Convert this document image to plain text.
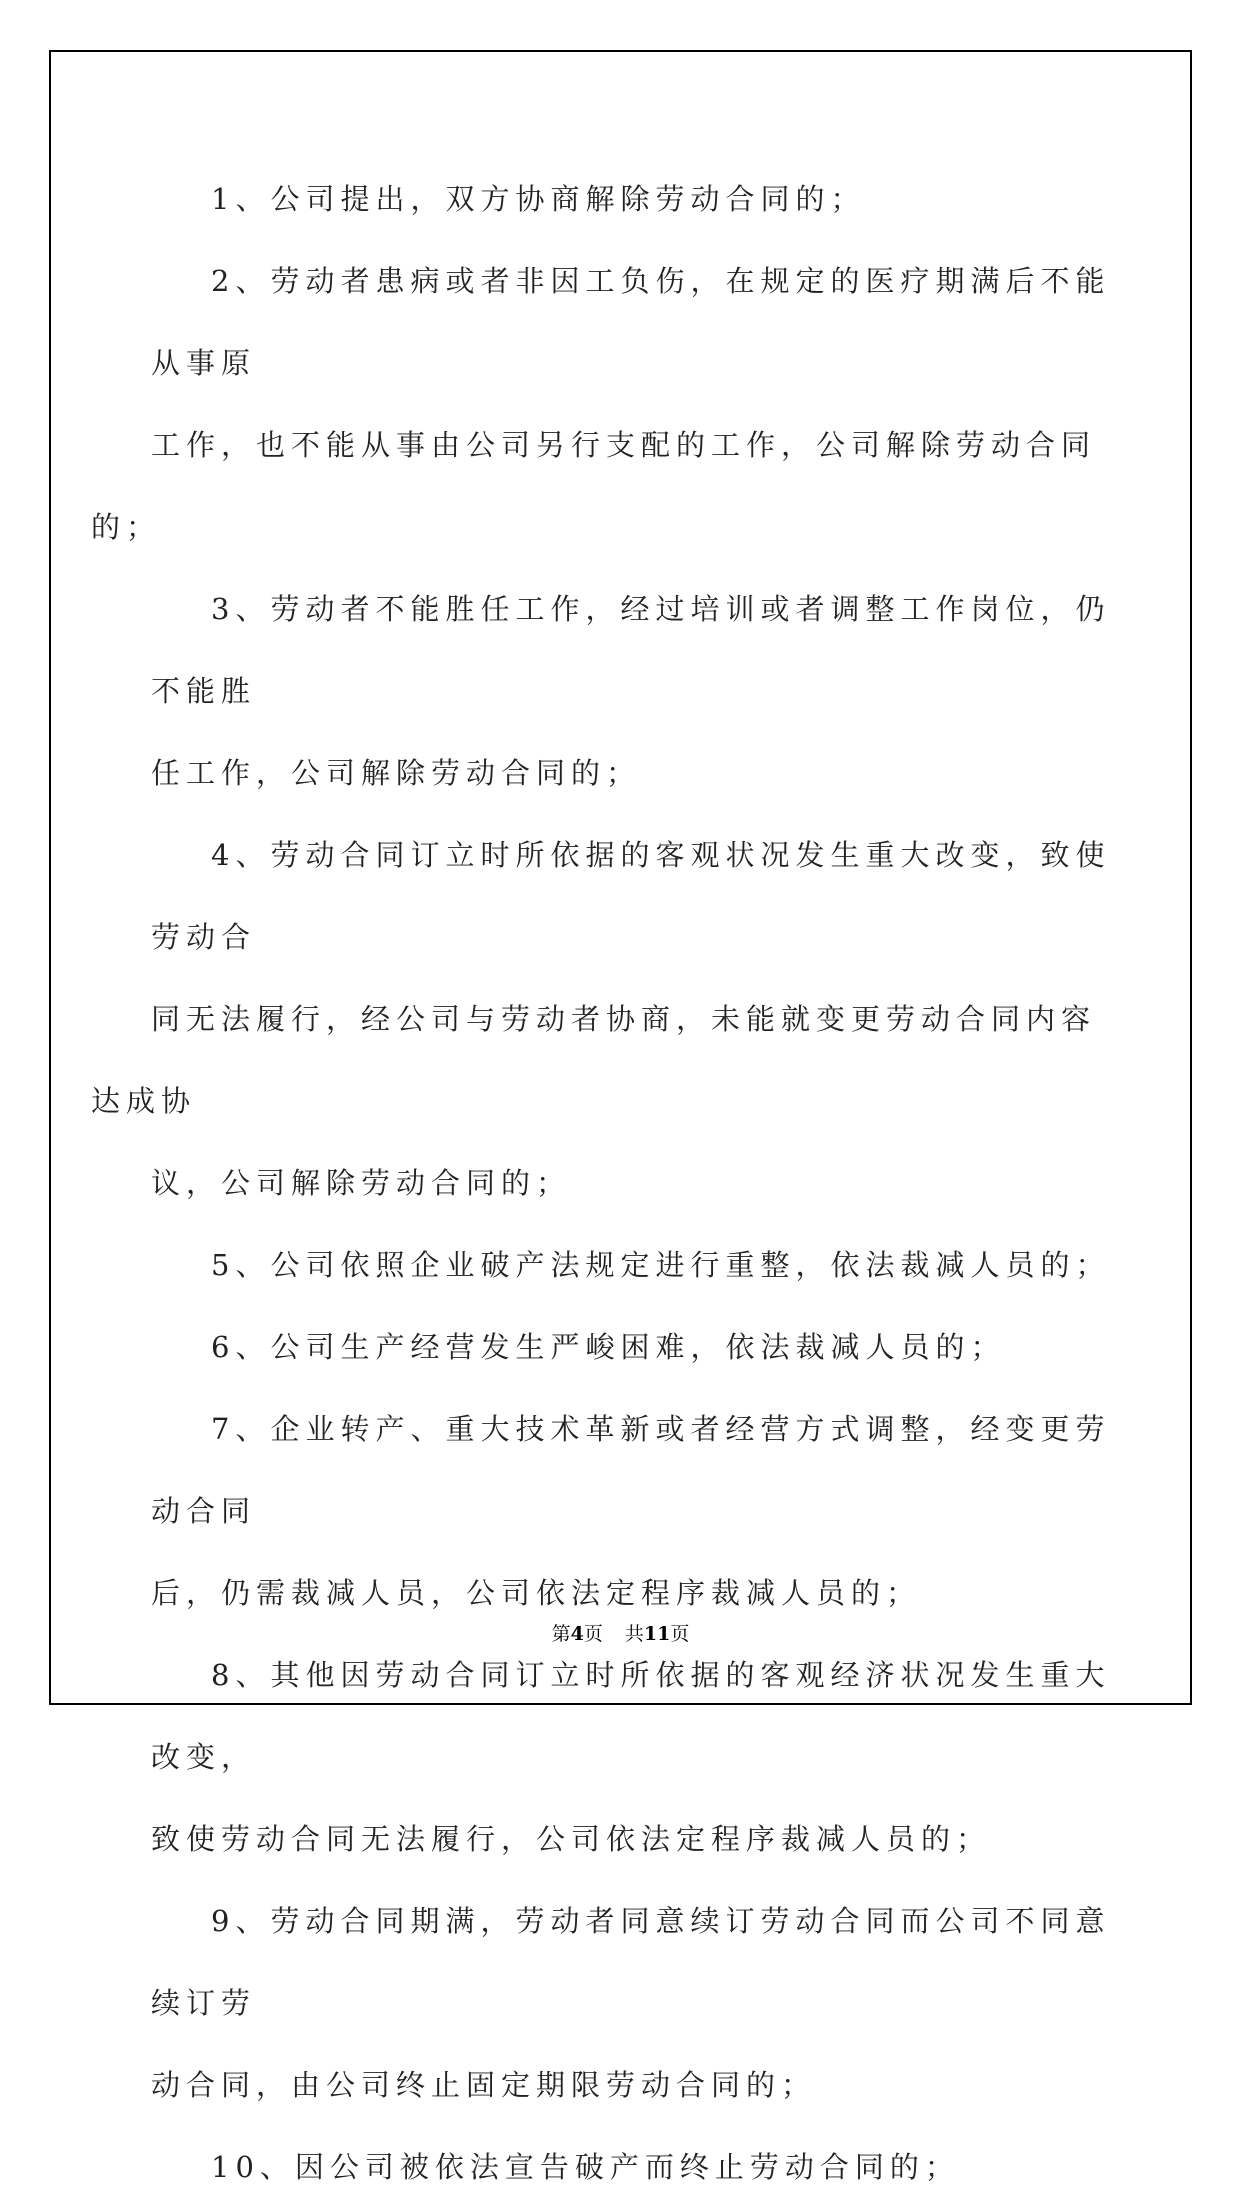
1、公司提出，双方协商解除劳动合同的；

2、劳动者患病或者非因工负伤，在规定的医疗期满后不能从事原
工作，也不能从事由公司另行支配的工作，公司解除劳动合同的；

3、劳动者不能胜任工作，经过培训或者调整工作岗位，仍不能胜
任工作，公司解除劳动合同的；

4、劳动合同订立时所依据的客观状况发生重大改变，致使劳动合
同无法履行，经公司与劳动者协商，未能就变更劳动合同内容达成协
议，公司解除劳动合同的；

5、公司依照企业破产法规定进行重整，依法裁减人员的；

6、公司生产经营发生严峻困难，依法裁减人员的；

7、企业转产、重大技术革新或者经营方式调整，经变更劳动合同
后，仍需裁减人员，公司依法定程序裁减人员的；

8、其他因劳动合同订立时所依据的客观经济状况发生重大改变，
致使劳动合同无法履行，公司依法定程序裁减人员的；

9、劳动合同期满，劳动者同意续订劳动合同而公司不同意续订劳
动合同，由公司终止固定期限劳动合同的；

10、因公司被依法宣告破产而终止劳动合同的；

第4页 共11页
